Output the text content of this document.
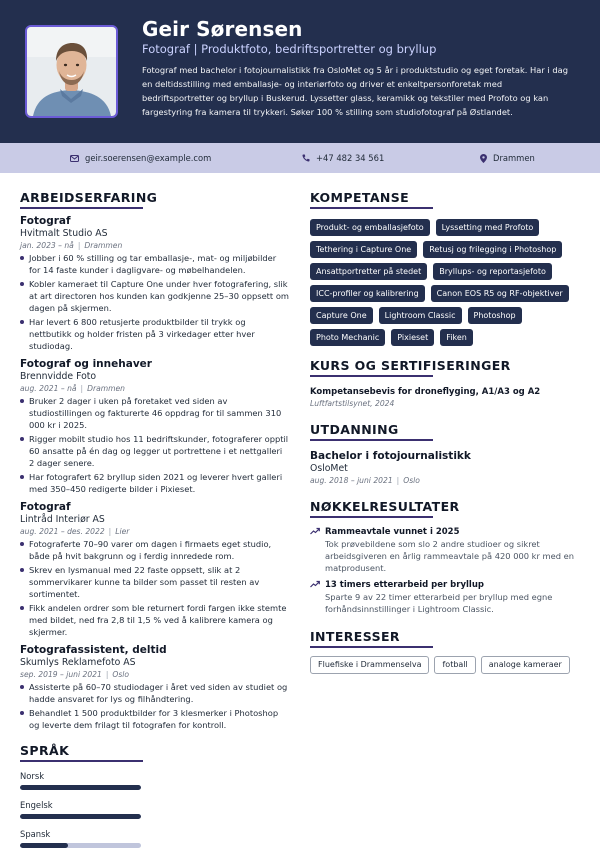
Geir Sørensen
Fotograf | Produktfoto, bedriftsportretter og bryllup
Fotograf med bachelor i fotojournalistikk fra OsloMet og 5 år i produktstudio og eget foretak. Har i dag en deltidsstilling med emballasje- og interiørfoto og driver et enkeltpersonforetak med bedriftsportretter og bryllup i Buskerud. Lyssetter glass, keramikk og tekstiler med Profoto og kan fargestyring fra kamera til trykkeri. Søker 100 % stilling som studiofotograf på Østlandet.
geir.soerensen@example.com	+47 482 34 561	Drammen
ARBEIDSERFARING
Fotograf
Hvitmalt Studio AS
jan. 2023 – nå | Drammen
Jobber i 60 % stilling og tar emballasje-, mat- og miljøbilder for 14 faste kunder i dagligvare- og møbelhandelen.
Kobler kameraet til Capture One under hver fotografering, slik at art directoren hos kunden kan godkjenne 25–30 oppsett om dagen på skjermen.
Har levert 6 800 retusjerte produktbilder til trykk og nettbutikk og holder fristen på 3 virkedager etter hver studiodag.
Fotograf og innehaver
Brennvidde Foto
aug. 2021 – nå | Drammen
Bruker 2 dager i uken på foretaket ved siden av studiostillingen og fakturerte 46 oppdrag for til sammen 310 000 kr i 2025.
Rigger mobilt studio hos 11 bedriftskunder, fotograferer opptil 60 ansatte på én dag og legger ut portrettene i et nettgalleri 2 dager senere.
Har fotografert 62 bryllup siden 2021 og leverer hvert galleri med 350–450 redigerte bilder i Pixieset.
Fotograf
Lintråd Interiør AS
aug. 2021 – des. 2022 | Lier
Fotograferte 70–90 varer om dagen i firmaets eget studio, både på hvit bakgrunn og i ferdig innredede rom.
Skrev en lysmanual med 22 faste oppsett, slik at 2 sommervikarer kunne ta bilder som passet til resten av sortimentet.
Fikk andelen ordrer som ble returnert fordi fargen ikke stemte med bildet, ned fra 2,8 til 1,5 % ved å kalibrere kamera og skjermer.
Fotografassistent, deltid
Skumlys Reklamefoto AS
sep. 2019 – juni 2021 | Oslo
Assisterte på 60–70 studiodager i året ved siden av studiet og hadde ansvaret for lys og filhåndtering.
Behandlet 1 500 produktbilder for 3 klesmerker i Photoshop og leverte dem frilagt til fotografen for kontroll.
SPRÅK
Norsk
Engelsk
Spansk
KOMPETANSE
Produkt- og emballasjefoto	Lyssetting med Profoto
Tethering i Capture One	Retusj og frilegging i Photoshop
Ansattportretter på stedet	Bryllups- og reportasjefoto
ICC-profiler og kalibrering	Canon EOS R5 og RF-objektiver
Capture One	Lightroom Classic	Photoshop
Photo Mechanic	Pixieset	Fiken
KURS OG SERTIFISERINGER
Kompetansebevis for droneflyging, A1/A3 og A2
Luftfartstilsynet, 2024
UTDANNING
Bachelor i fotojournalistikk
OsloMet
aug. 2018 – juni 2021 | Oslo
NØKKELRESULTATER
Rammeavtale vunnet i 2025
Tok prøvebildene som slo 2 andre studioer og sikret arbeidsgiveren en årlig rammeavtale på 420 000 kr med en matprodusent.
13 timers etterarbeid per bryllup
Sparte 9 av 22 timer etterarbeid per bryllup med egne forhåndsinnstillinger i Lightroom Classic.
INTERESSER
Fluefiske i Drammenselva	fotball	analoge kameraer
